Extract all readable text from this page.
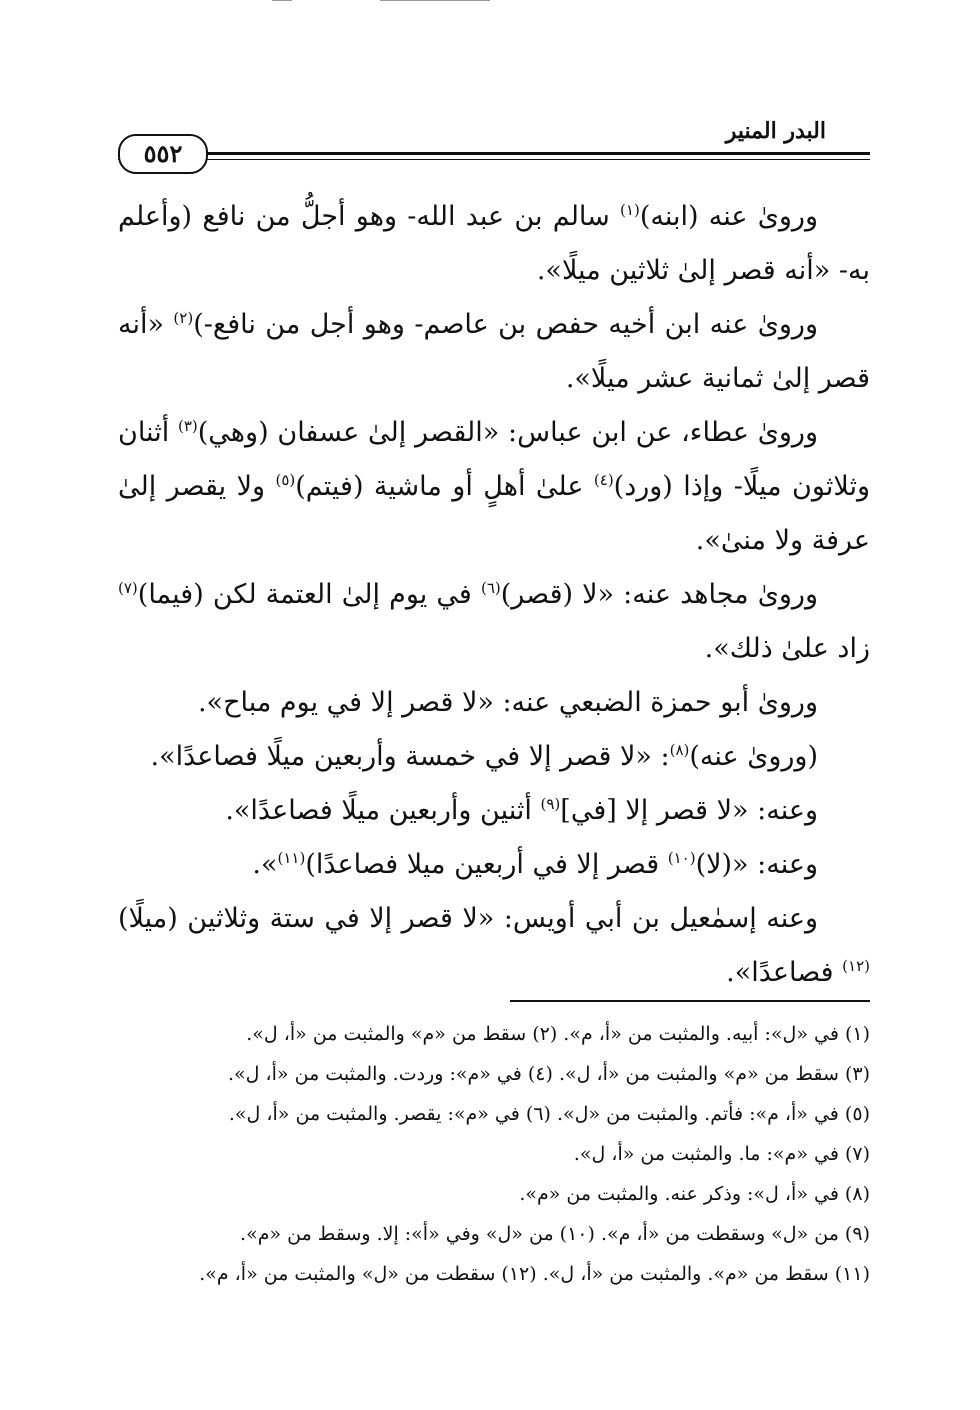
البدر المنير
٥٥٢

ورویٰ عنه (ابنه)$^{(١)}$ سالم بن عبد الله- وهو أجلُّ من نافع (وأعلم به- «أنه قصر إلىٰ ثلاثين ميلًا».

ورویٰ عنه ابن أخيه حفص بن عاصم- وهو أجل من نافع-)$^{(٢)}$ «أنه قصر إلىٰ ثمانية عشر ميلًا».

ورویٰ عطاء، عن ابن عباس: «القصر إلىٰ عسفان (وهي)$^{(٣)}$ أثنان وثلاثون ميلًا- وإذا (ورد)$^{(٤)}$ علىٰ أهلٍ أو ماشية (فيتم)$^{(٥)}$ ولا يقصر إلىٰ عرفة ولا منىٰ».

ورویٰ مجاهد عنه: «لا (قصر)$^{(٦)}$ في يوم إلىٰ العتمة لكن (فيما)$^{(٧)}$ زاد علىٰ ذلك».

ورویٰ أبو حمزة الضبعي عنه: «لا قصر إلا في يوم مباح».

(ورویٰ عنه)$^{(٨)}$: «لا قصر إلا في خمسة وأربعين ميلًا فصاعدًا».

وعنه: «لا قصر إلا [في]$^{(٩)}$ أثنين وأربعين ميلًا فصاعدًا».

وعنه: «(لا)$^{(١٠)}$ قصر إلا في أربعين ميلا فصاعدًا)$^{(١١)}$».

وعنه إسمٰعيل بن أبي أويس: «لا قصر إلا في ستة وثلاثين (ميلًا)$^{(١٢)}$ فصاعدًا».

(١) في «ل»: أبيه. والمثبت من «أ، م». (٢) سقط من «م» والمثبت من «أ، ل».
(٣) سقط من «م» والمثبت من «أ، ل». (٤) في «م»: وردت. والمثبت من «أ، ل».
(٥) في «أ، م»: فأتم. والمثبت من «ل». (٦) في «م»: يقصر. والمثبت من «أ، ل».
(٧) في «م»: ما. والمثبت من «أ، ل».
(٨) في «أ، ل»: وذكر عنه. والمثبت من «م».
(٩) من «ل» وسقطت من «أ، م». (١٠) من «ل» وفي «أ»: إلا. وسقط من «م».
(١١) سقط من «م». والمثبت من «أ، ل». (١٢) سقطت من «ل» والمثبت من «أ، م».
